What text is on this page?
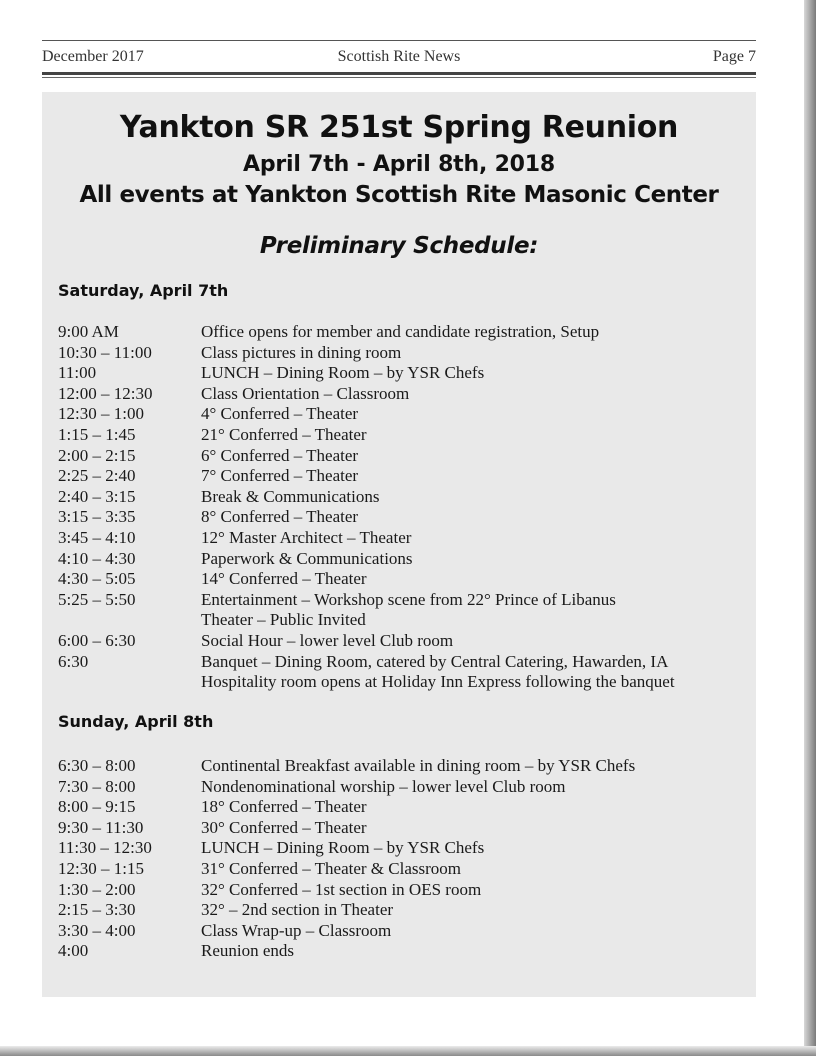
December 2017	Scottish Rite News	Page 7
Yankton SR 251st Spring Reunion
April 7th - April 8th, 2018
All events at Yankton Scottish Rite Masonic Center
Preliminary Schedule:
Saturday, April 7th
9:00 AM	Office opens for member and candidate registration, Setup
10:30 – 11:00	Class pictures in dining room
11:00	LUNCH – Dining Room – by YSR Chefs
12:00 – 12:30	Class Orientation – Classroom
12:30 – 1:00	4° Conferred – Theater
1:15 – 1:45	21° Conferred – Theater
2:00 – 2:15	6° Conferred – Theater
2:25 – 2:40	7° Conferred – Theater
2:40 – 3:15	Break & Communications
3:15 – 3:35	8° Conferred – Theater
3:45 – 4:10	12° Master Architect – Theater
4:10 – 4:30	Paperwork & Communications
4:30 – 5:05	14° Conferred – Theater
5:25 – 5:50	Entertainment – Workshop scene from 22° Prince of Libanus
Theater – Public Invited
6:00 – 6:30	Social Hour – lower level Club room
6:30	Banquet – Dining Room, catered by Central Catering, Hawarden, IA
Hospitality room opens at Holiday Inn Express following the banquet
Sunday, April 8th
6:30 – 8:00	Continental Breakfast available in dining room – by YSR Chefs
7:30 – 8:00	Nondenominational worship – lower level Club room
8:00 – 9:15	18° Conferred – Theater
9:30 – 11:30	30° Conferred – Theater
11:30 – 12:30	LUNCH – Dining Room – by YSR Chefs
12:30 – 1:15	31° Conferred – Theater & Classroom
1:30 – 2:00	32° Conferred – 1st section in OES room
2:15 – 3:30	32° – 2nd section in Theater
3:30 – 4:00	Class Wrap-up – Classroom
4:00	Reunion ends
